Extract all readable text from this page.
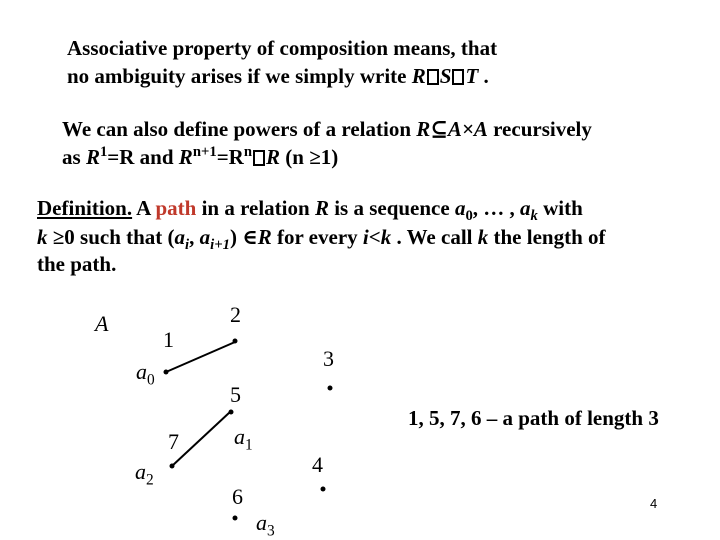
Associative property of composition means, that
no ambiguity arises if we simply write R S T .
We can also define powers of a relation R⊆A×A recursively
as $R^1=R$ and $R^{n+1}=R^n$ R (n ≥1)
Definition. A path in a relation R is a sequence $a_0$, … , $a_k$ with
k ≥0 such that ($a_i$, $a_{i+1}$) ∈R for every i<k . We call k the length of
the path.
A
1
2
3
5
7
4
6
$a_0$
$a_1$
$a_2$
$a_3$
1, 5, 7, 6 – a path of length 3
4
